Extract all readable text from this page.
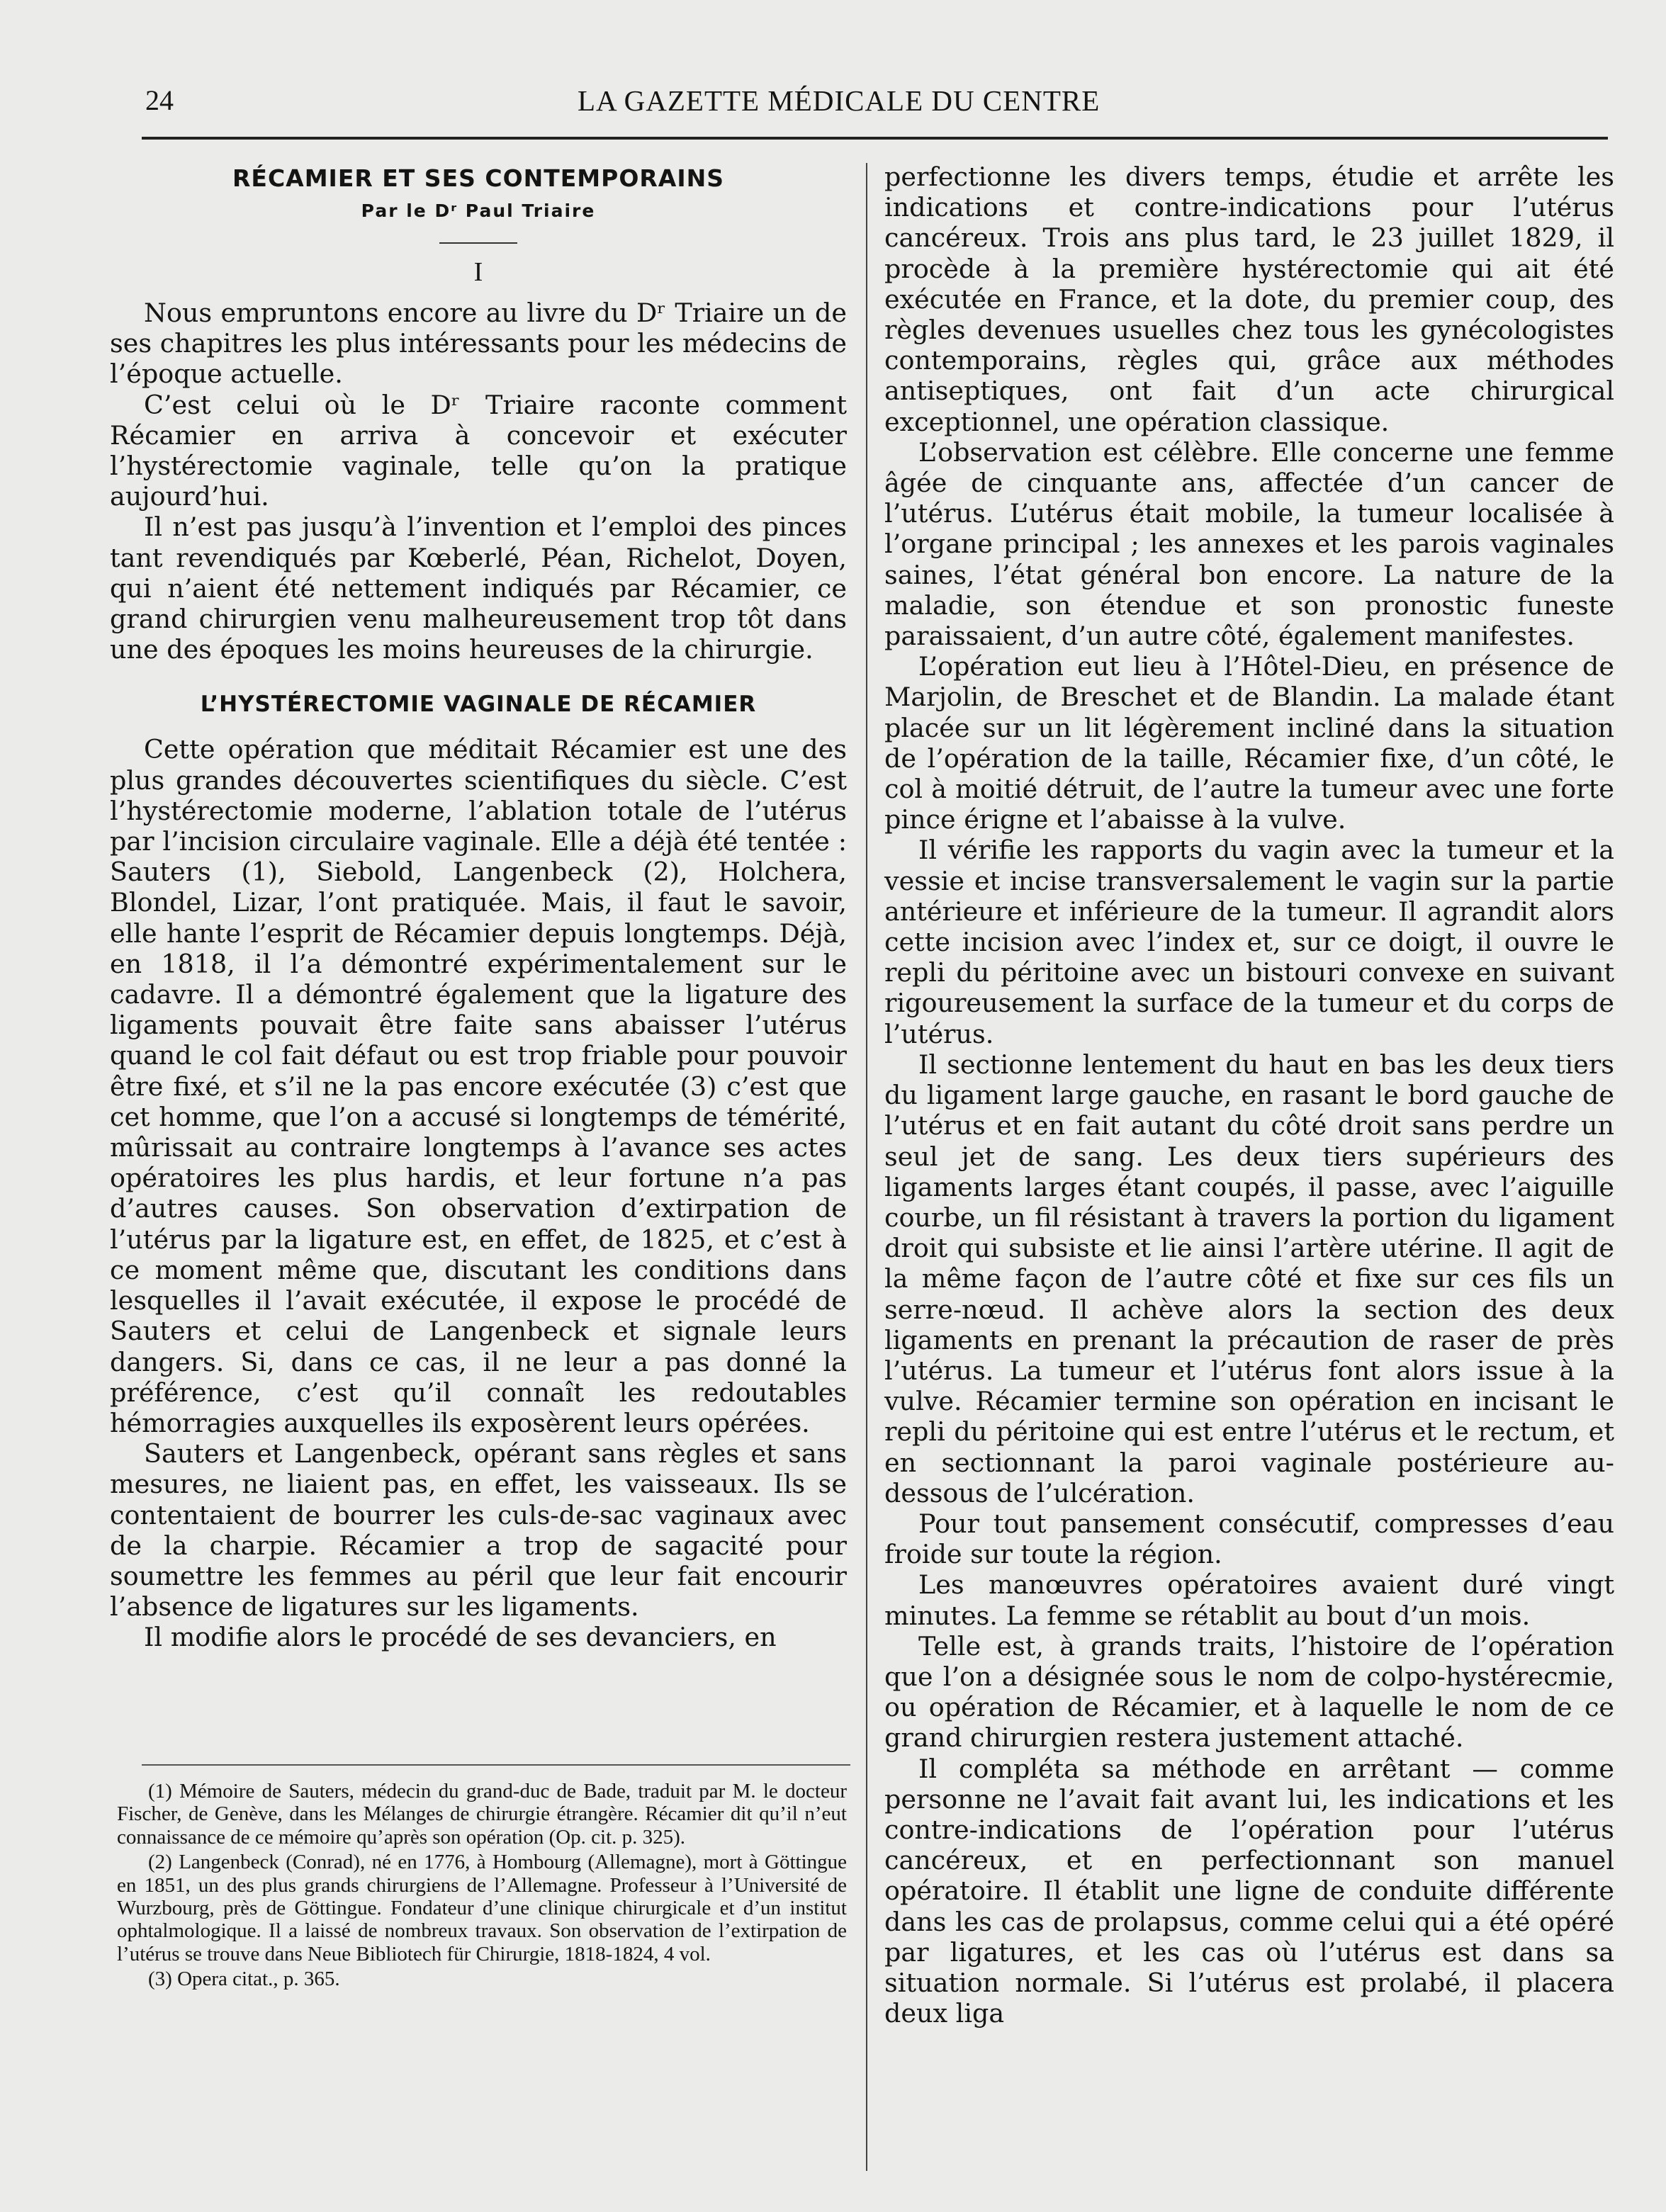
24	LA GAZETTE MÉDICALE DU CENTRE
RÉCAMIER ET SES CONTEMPORAINS
Par le Dʳ Paul Triaire
I

Nous empruntons encore au livre du Dʳ Triaire un de ses chapitres les plus intéressants pour les médecins de l’époque actuelle.

C’est celui où le Dʳ Triaire raconte comment Récamier en arriva à concevoir et exécuter l’hystérectomie vaginale, telle qu’on la pratique aujourd’hui.

Il n’est pas jusqu’à l’invention et l’emploi des pinces tant revendiqués par Kœberlé, Péan, Richelot, Doyen, qui n’aient été nettement indiqués par Récamier, ce grand chirurgien venu malheureusement trop tôt dans une des époques les moins heureuses de la chirurgie.

L’HYSTÉRECTOMIE VAGINALE DE RÉCAMIER

Cette opération que méditait Récamier est une des plus grandes découvertes scientifiques du siècle. C’est l’hystérectomie moderne, l’ablation totale de l’utérus par l’incision circulaire vaginale. Elle a déjà été tentée : Sauters (1), Siebold, Langenbeck (2), Holchera, Blondel, Lizar, l’ont pratiquée. Mais, il faut le savoir, elle hante l’esprit de Récamier depuis longtemps. Déjà, en 1818, il l’a démontré expérimentalement sur le cadavre. Il a démontré également que la ligature des ligaments pouvait être faite sans abaisser l’utérus quand le col fait défaut ou est trop friable pour pouvoir être fixé, et s’il ne la pas encore exécutée (3) c’est que cet homme, que l’on a accusé si longtemps de témérité, mûrissait au contraire longtemps à l’avance ses actes opératoires les plus hardis, et leur fortune n’a pas d’autres causes. Son observation d’extirpation de l’utérus par la ligature est, en effet, de 1825, et c’est à ce moment même que, discutant les conditions dans lesquelles il l’avait exécutée, il expose le procédé de Sauters et celui de Langenbeck et signale leurs dangers. Si, dans ce cas, il ne leur a pas donné la préférence, c’est qu’il connaît les redoutables hémorragies auxquelles ils exposèrent leurs opérées.

Sauters et Langenbeck, opérant sans règles et sans mesures, ne liaient pas, en effet, les vaisseaux. Ils se contentaient de bourrer les culs-de-sac vaginaux avec de la charpie. Récamier a trop de sagacité pour soumettre les femmes au péril que leur fait encourir l’absence de ligatures sur les ligaments.

Il modifie alors le procédé de ses devanciers, en

(1) Mémoire de Sauters, médecin du grand-duc de Bade, traduit par M. le docteur Fischer, de Genève, dans les Mélanges de chirurgie étrangère. Récamier dit qu’il n’eut connaissance de ce mémoire qu’après son opération (Op. cit. p. 325).

(2) Langenbeck (Conrad), né en 1776, à Hombourg (Allemagne), mort à Göttingue en 1851, un des plus grands chirurgiens de l’Allemagne. Professeur à l’Université de Wurzbourg, près de Göttingue. Fondateur d’une clinique chirurgicale et d’un institut ophtalmologique. Il a laissé de nombreux travaux. Son observation de l’extirpation de l’utérus se trouve dans Neue Bibliotech für Chirurgie, 1818-1824, 4 vol.

(3) Opera citat., p. 365.

perfectionne les divers temps, étudie et arrête les indications et contre-indications pour l’utérus cancéreux. Trois ans plus tard, le 23 juillet 1829, il procède à la première hystérectomie qui ait été exécutée en France, et la dote, du premier coup, des règles devenues usuelles chez tous les gynécologistes contemporains, règles qui, grâce aux méthodes antiseptiques, ont fait d’un acte chirurgical exceptionnel, une opération classique.

L’observation est célèbre. Elle concerne une femme âgée de cinquante ans, affectée d’un cancer de l’utérus. L’utérus était mobile, la tumeur localisée à l’organe principal ; les annexes et les parois vaginales saines, l’état général bon encore. La nature de la maladie, son étendue et son pronostic funeste paraissaient, d’un autre côté, également manifestes.

L’opération eut lieu à l’Hôtel-Dieu, en présence de Marjolin, de Breschet et de Blandin. La malade étant placée sur un lit légèrement incliné dans la situation de l’opération de la taille, Récamier fixe, d’un côté, le col à moitié détruit, de l’autre la tumeur avec une forte pince érigne et l’abaisse à la vulve.

Il vérifie les rapports du vagin avec la tumeur et la vessie et incise transversalement le vagin sur la partie antérieure et inférieure de la tumeur. Il agrandit alors cette incision avec l’index et, sur ce doigt, il ouvre le repli du péritoine avec un bistouri convexe en suivant rigoureusement la surface de la tumeur et du corps de l’utérus.

Il sectionne lentement du haut en bas les deux tiers du ligament large gauche, en rasant le bord gauche de l’utérus et en fait autant du côté droit sans perdre un seul jet de sang. Les deux tiers supérieurs des ligaments larges étant coupés, il passe, avec l’aiguille courbe, un fil résistant à travers la portion du ligament droit qui subsiste et lie ainsi l’artère utérine. Il agit de la même façon de l’autre côté et fixe sur ces fils un serre-nœud. Il achève alors la section des deux ligaments en prenant la précaution de raser de près l’utérus. La tumeur et l’utérus font alors issue à la vulve. Récamier termine son opération en incisant le repli du péritoine qui est entre l’utérus et le rectum, et en sectionnant la paroi vaginale postérieure au-dessous de l’ulcération.

Pour tout pansement consécutif, compresses d’eau froide sur toute la région.

Les manœuvres opératoires avaient duré vingt minutes. La femme se rétablit au bout d’un mois.

Telle est, à grands traits, l’histoire de l’opération que l’on a désignée sous le nom de colpo-hystérecmie, ou opération de Récamier, et à laquelle le nom de ce grand chirurgien restera justement attaché.

Il compléta sa méthode en arrêtant — comme personne ne l’avait fait avant lui, les indications et les contre-indications de l’opération pour l’utérus cancéreux, et en perfectionnant son manuel opératoire. Il établit une ligne de conduite différente dans les cas de prolapsus, comme celui qui a été opéré par ligatures, et les cas où l’utérus est dans sa situation normale. Si l’utérus est prolabé, il placera deux liga
